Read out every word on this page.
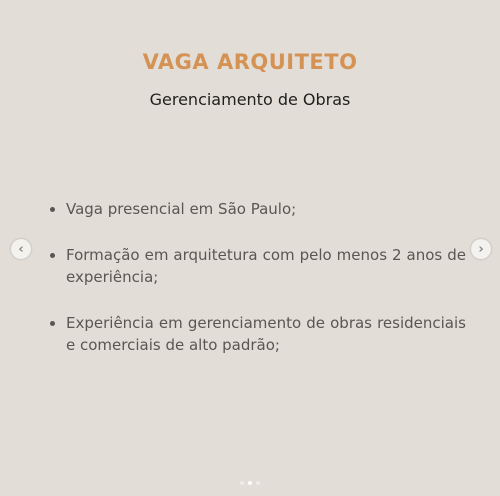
VAGA ARQUITETO
Gerenciamento de Obras
Vaga presencial em São Paulo;
Formação em arquitetura com pelo menos 2 anos de experiência;
Experiência em gerenciamento de obras residenciais e comerciais de alto padrão;
‹	›
